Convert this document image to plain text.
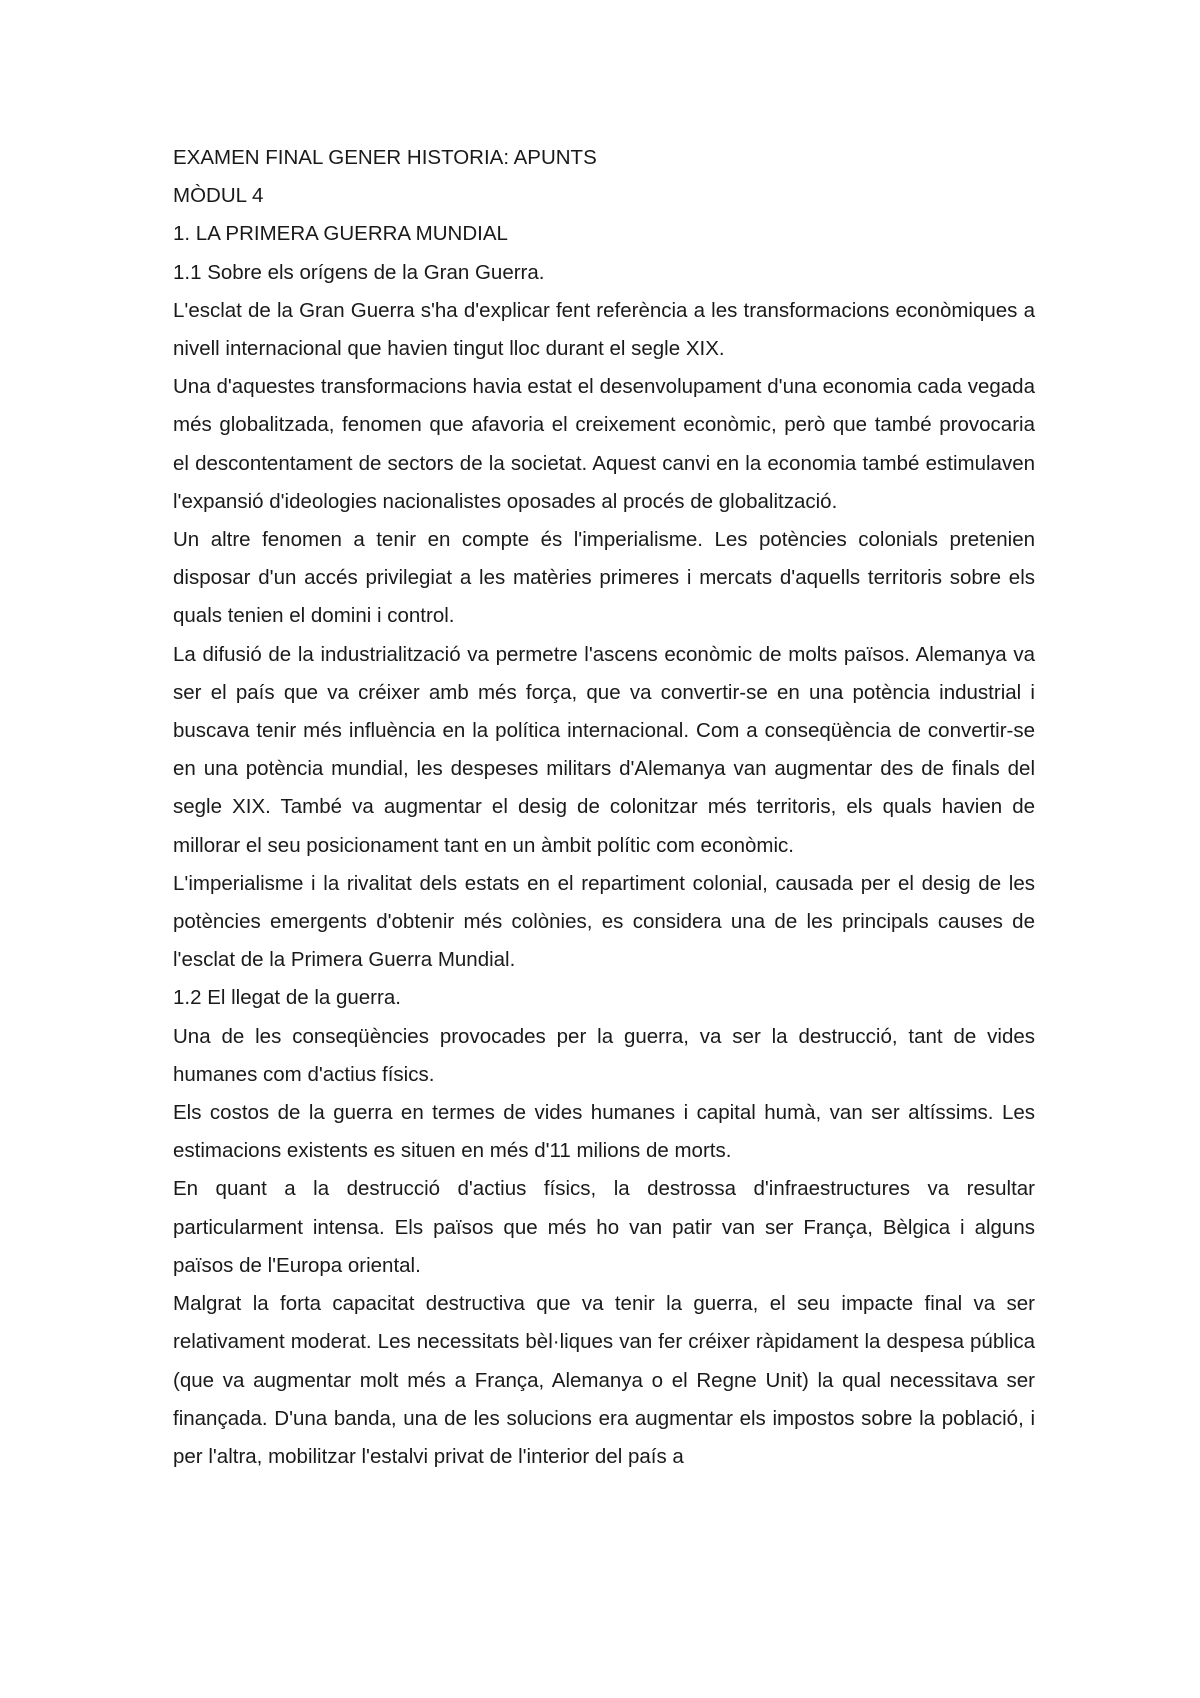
EXAMEN FINAL GENER HISTORIA: APUNTS

MÒDUL 4

1. LA PRIMERA GUERRA MUNDIAL

1.1 Sobre els orígens de la Gran Guerra.

L'esclat de la Gran Guerra s'ha d'explicar fent referència a les transformacions econòmiques a nivell internacional que havien tingut lloc durant el segle XIX.

Una d'aquestes transformacions havia estat el desenvolupament d'una economia cada vegada més globalitzada, fenomen que afavoria el creixement econòmic, però que també provocaria el descontentament de sectors de la societat. Aquest canvi en la economia també estimulaven l'expansió d'ideologies nacionalistes oposades al procés de globalització.

Un altre fenomen a tenir en compte és l'imperialisme. Les potències colonials pretenien disposar d'un accés privilegiat a les matèries primeres i mercats d'aquells territoris sobre els quals tenien el domini i control.

La difusió de la industrialització va permetre l'ascens econòmic de molts països. Alemanya va ser el país que va créixer amb més força, que va convertir-se en una potència industrial i buscava tenir més influència en la política internacional. Com a conseqüència de convertir-se en una potència mundial, les despeses militars d'Alemanya van augmentar des de finals del segle XIX. També va augmentar el desig de colonitzar més territoris, els quals havien de millorar el seu posicionament tant en un àmbit polític com econòmic.

L'imperialisme i la rivalitat dels estats en el repartiment colonial, causada per el desig de les potències emergents d'obtenir més colònies, es considera una de les principals causes de l'esclat de la Primera Guerra Mundial.

1.2 El llegat de la guerra.

Una de les conseqüències provocades per la guerra, va ser la destrucció, tant de vides humanes com d'actius físics.

Els costos de la guerra en termes de vides humanes i capital humà, van ser altíssims. Les estimacions existents es situen en més d'11 milions de morts.

En quant a la destrucció d'actius físics, la destrossa d'infraestructures va resultar particularment intensa. Els països que més ho van patir van ser França, Bèlgica i alguns països de l'Europa oriental.

Malgrat la forta capacitat destructiva que va tenir la guerra, el seu impacte final va ser relativament moderat. Les necessitats bèl·liques van fer créixer ràpidament la despesa pública (que va augmentar molt més a França, Alemanya o el Regne Unit) la qual necessitava ser finançada. D'una banda, una de les solucions era augmentar els impostos sobre la població, i per l'altra, mobilitzar l'estalvi privat de l'interior del país a
